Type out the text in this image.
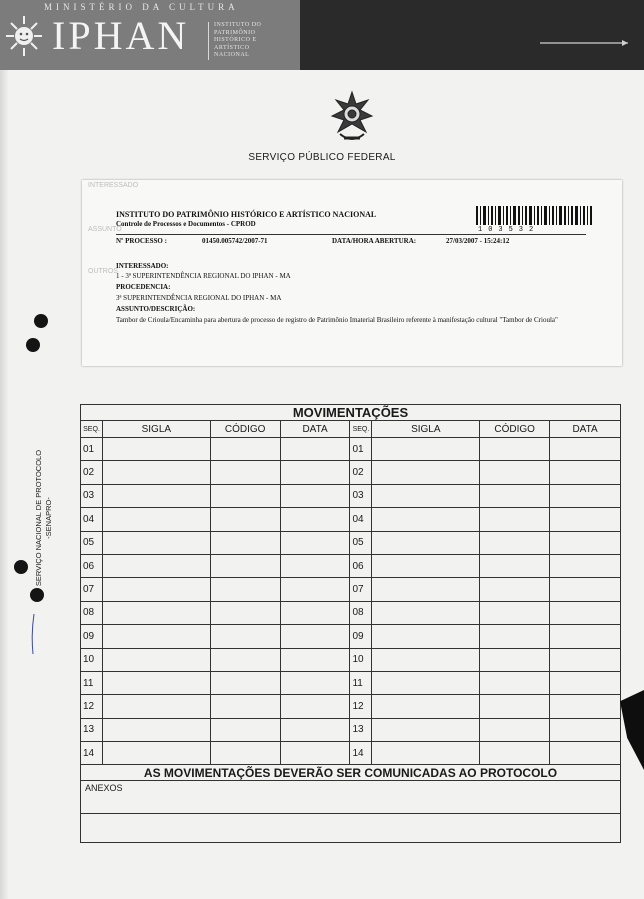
MINISTÉRIO DA CULTURA
IPHAN	INSTITUTO DO
PATRIMÔNIO
HISTÓRICO E
ARTÍSTICO
NACIONAL
SERVIÇO PÚBLICO FEDERAL
INTERESSADO
ASSUNTO
OUTROS
INSTITUTO DO PATRIMÔNIO HISTÓRICO E ARTÍSTICO NACIONAL
Controle de Processos e Documentos - CPROD
103532
Nº PROCESSO :	01450.005742/2007-71	DATA/HORA ABERTURA:	27/03/2007 - 15:24:12
INTERESSADO:
1 - 3ª SUPERINTENDÊNCIA REGIONAL DO IPHAN - MA
PROCEDENCIA:
3ª SUPERINTENDÊNCIA REGIONAL DO IPHAN - MA
ASSUNTO/DESCRIÇÃO:
Tambor de Crioula/Encaminha para abertura de processo de registro de Patrimônio Imaterial Brasileiro referente à manifestação cultural "Tambor de Crioula"
SERVIÇO NACIONAL DE PROTOCOLO -SENAPRO-
MOVIMENTAÇÕES							
SEQ.	SIGLA	CÓDIGO	DATA	SEQ.	SIGLA	CÓDIGO	DATA
01				01			
02				02			
03				03			
04				04			
05				05			
06				06			
07				07			
08				08			
09				09			
10				10			
11				11			
12				12			
13				13			
14				14			
AS MOVIMENTAÇÕES DEVERÃO SER COMUNICADAS AO PROTOCOLO							
ANEXOS							
